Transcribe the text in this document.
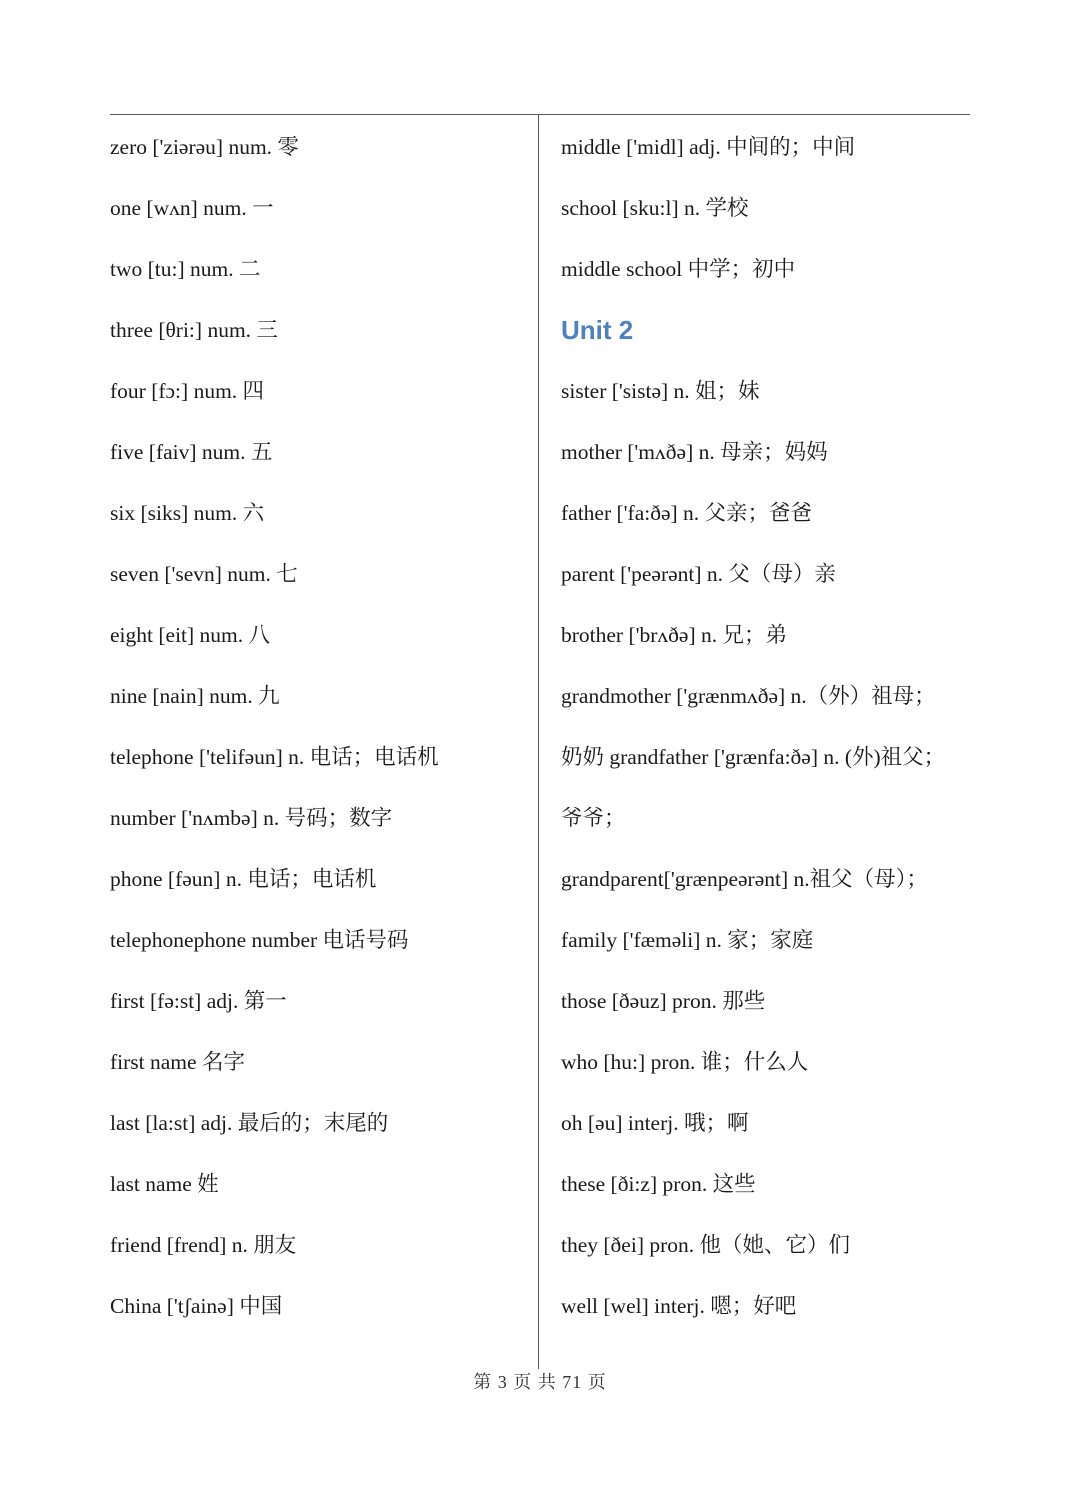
zero ['ziərəu] num. 零
one [wʌn] num. 一
two [tu:] num. 二
three [θri:] num. 三
four [fɔ:] num. 四
five [faiv] num. 五
six [siks] num. 六
seven ['sevn] num. 七
eight [eit] num. 八
nine [nain] num. 九
telephone ['telifəun] n. 电话；电话机
number ['nʌmbə] n. 号码；数字
phone [fəun] n. 电话；电话机
telephonephone number 电话号码
first [fə:st] adj. 第一
first name 名字
last [la:st] adj. 最后的；末尾的
last name 姓
friend [frend] n. 朋友
China ['tʃainə] 中国
middle ['midl] adj. 中间的；中间
school [sku:l] n. 学校
middle school 中学；初中
Unit 2
sister ['sistə] n. 姐；妹
mother ['mʌðə] n. 母亲；妈妈
father ['fa:ðə] n. 父亲；爸爸
parent ['peərənt] n. 父（母）亲
brother ['brʌðə] n. 兄；弟
grandmother ['grænmʌðə] n.（外）祖母；
奶奶 grandfather ['grænfa:ðə] n. (外)祖父；
爷爷；
grandparent['grænpeərənt] n.祖父（母）；
family ['fæməli] n. 家；家庭
those [ðəuz] pron. 那些
who [hu:] pron. 谁；什么人
oh [əu] interj. 哦；啊
these [ði:z] pron. 这些
they [ðei] pron. 他（她、它）们
well [wel] interj. 嗯；好吧
第 3 页 共 71 页
